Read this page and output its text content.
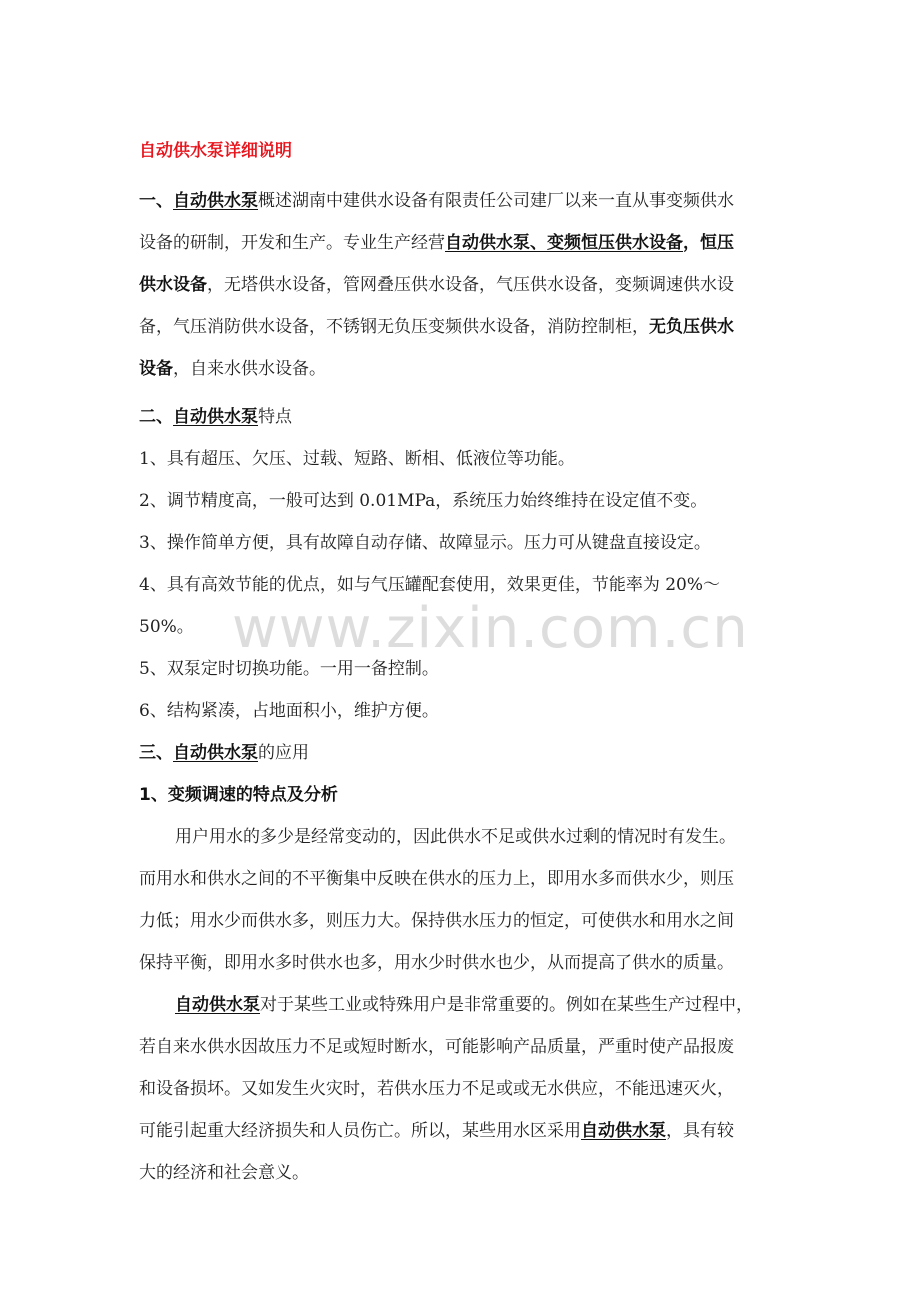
自动供水泵详细说明
一、自动供水泵概述湖南中建供水设备有限责任公司建厂以来一直从事变频供水
设备的研制，开发和生产。专业生产经营自动供水泵、变频恒压供水设备，恒压
供水设备，无塔供水设备，管网叠压供水设备，气压供水设备，变频调速供水设
备，气压消防供水设备，不锈钢无负压变频供水设备，消防控制柜，无负压供水
设备，自来水供水设备。
二、自动供水泵特点
1、具有超压、欠压、过载、短路、断相、低液位等功能。
2、调节精度高，一般可达到 0.01MPa，系统压力始终维持在设定值不变。
3、操作简单方便，具有故障自动存储、故障显示。压力可从键盘直接设定。
4、具有高效节能的优点，如与气压罐配套使用，效果更佳，节能率为 20%～
50%。
5、双泵定时切换功能。一用一备控制。
6、结构紧凑，占地面积小，维护方便。
三、自动供水泵的应用
1、变频调速的特点及分析
用户用水的多少是经常变动的，因此供水不足或供水过剩的情况时有发生。
而用水和供水之间的不平衡集中反映在供水的压力上，即用水多而供水少，则压
力低；用水少而供水多，则压力大。保持供水压力的恒定，可使供水和用水之间
保持平衡，即用水多时供水也多，用水少时供水也少，从而提高了供水的质量。
自动供水泵对于某些工业或特殊用户是非常重要的。例如在某些生产过程中，
若自来水供水因故压力不足或短时断水，可能影响产品质量，严重时使产品报废
和设备损坏。又如发生火灾时，若供水压力不足或或无水供应，不能迅速灭火，
可能引起重大经济损失和人员伤亡。所以，某些用水区采用自动供水泵，具有较
大的经济和社会意义。
www.zixin.com.cn
